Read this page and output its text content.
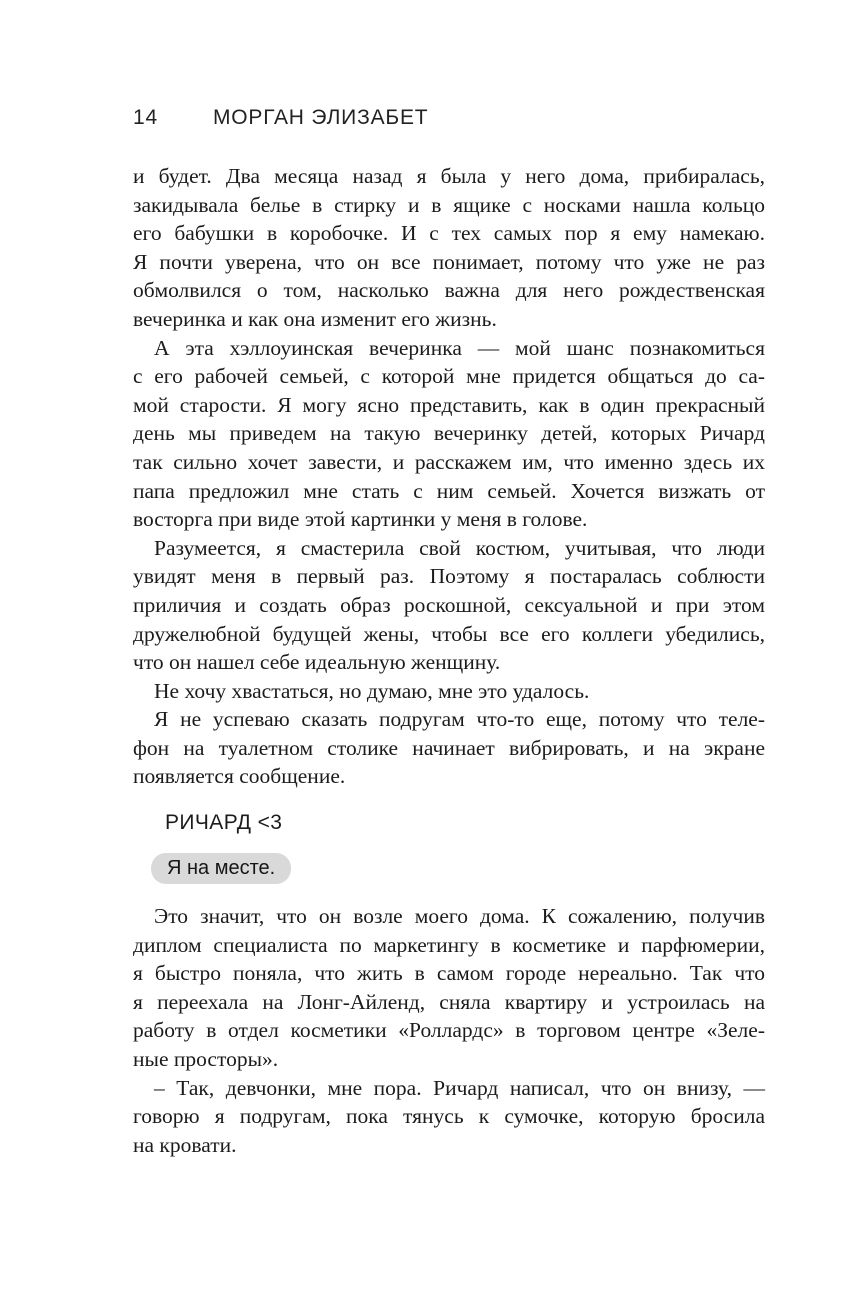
14	МОРГАН ЭЛИЗАБЕТ
и будет. Два месяца назад я была у него дома, прибиралась,
закидывала белье в стирку и в ящике с носками нашла кольцо
его бабушки в коробочке. И с тех самых пор я ему намекаю.
Я почти уверена, что он все понимает, потому что уже не раз
обмолвился о том, насколько важна для него рождественская
вечеринка и как она изменит его жизнь.
А эта хэллоуинская вечеринка — мой шанс познакомиться
с его рабочей семьей, с которой мне придется общаться до са-
мой старости. Я могу ясно представить, как в один прекрасный
день мы приведем на такую вечеринку детей, которых Ричард
так сильно хочет завести, и расскажем им, что именно здесь их
папа предложил мне стать с ним семьей. Хочется визжать от
восторга при виде этой картинки у меня в голове.
Разумеется, я смастерила свой костюм, учитывая, что люди
увидят меня в первый раз. Поэтому я постаралась соблюсти
приличия и создать образ роскошной, сексуальной и при этом
дружелюбной будущей жены, чтобы все его коллеги убедились,
что он нашел себе идеальную женщину.
Не хочу хвастаться, но думаю, мне это удалось.
Я не успеваю сказать подругам что-то еще, потому что теле-
фон на туалетном столике начинает вибрировать, и на экране
появляется сообщение.
РИЧАРД <3
Я на месте.
Это значит, что он возле моего дома. К сожалению, получив
диплом специалиста по маркетингу в косметике и парфюмерии,
я быстро поняла, что жить в самом городе нереально. Так что
я переехала на Лонг-Айленд, сняла квартиру и устроилась на
работу в отдел косметики «Роллардс» в торговом центре «Зеле-
ные просторы».
– Так, девчонки, мне пора. Ричард написал, что он внизу, —
говорю я подругам, пока тянусь к сумочке, которую бросила
на кровати.
